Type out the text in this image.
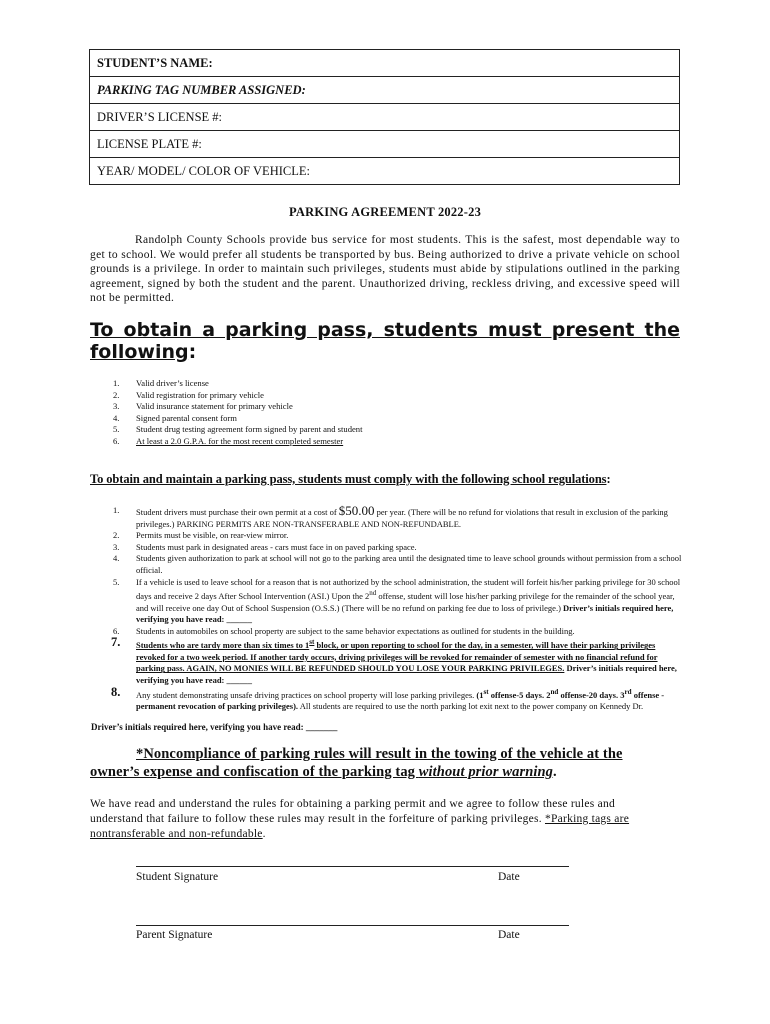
STUDENT’S NAME:
PARKING TAG NUMBER ASSIGNED:
DRIVER’S LICENSE #:
LICENSE PLATE #:
YEAR/ MODEL/ COLOR OF VEHICLE:
PARKING AGREEMENT 2022-23

Randolph County Schools provide bus service for most students. This is the safest, most dependable way to get to school. We would prefer all students be transported by bus. Being authorized to drive a private vehicle on school grounds is a privilege. In order to maintain such privileges, students must abide by stipulations outlined in the parking agreement, signed by both the student and the parent. Unauthorized driving, reckless driving, and excessive speed will not be permitted.

To obtain a parking pass, students must present the following:

1.	Valid driver’s license
2.	Valid registration for primary vehicle
3.	Valid insurance statement for primary vehicle
4.	Signed parental consent form
5.	Student drug testing agreement form signed by parent and student
6.	At least a 2.0 G.P.A. for the most recent completed semester

To obtain and maintain a parking pass, students must comply with the following school regulations:

1.	Student drivers must purchase their own permit at a cost of $50.00 per year. (There will be no refund for violations that result in exclusion of the parking privileges.) PARKING PERMITS ARE NON-TRANSFERABLE AND NON-REFUNDABLE.
2.	Permits must be visible, on rear-view mirror.
3.	Students must park in designated areas - cars must face in on paved parking space.
4.	Students given authorization to park at school will not go to the parking area until the designated time to leave school grounds without permission from a school official.
5.	If a vehicle is used to leave school for a reason that is not authorized by the school administration, the student will forfeit his/her parking privilege for 30 school days and receive 2 days After School Intervention (ASI.) Upon the 2nd offense, student will lose his/her parking privilege for the remainder of the school year, and will receive one day Out of School Suspension (O.S.S.) (There will be no refund on parking fee due to loss of privilege.) Driver’s initials required here, verifying you have read: ______
6.	Students in automobiles on school property are subject to the same behavior expectations as outlined for students in the building.
7.	Students who are tardy more than six times to 1st block, or upon reporting to school for the day, in a semester, will have their parking privileges revoked for a two week period. If another tardy occurs, driving privileges will be revoked for remainder of semester with no financial refund for parking pass. AGAIN, NO MONIES WILL BE REFUNDED SHOULD YOU LOSE YOUR PARKING PRIVILEGES. Driver’s initials required here, verifying you have read: ______
8.	Any student demonstrating unsafe driving practices on school property will lose parking privileges. (1st offense-5 days. 2nd offense-20 days. 3rd offense - permanent revocation of parking privileges). All students are required to use the north parking lot exit next to the power company on Kennedy Dr.

Driver’s initials required here, verifying you have read: _______

*Noncompliance of parking rules will result in the towing of the vehicle at the
owner’s expense and confiscation of the parking tag without prior warning.

We have read and understand the rules for obtaining a parking permit and we agree to follow these rules and understand that failure to follow these rules may result in the forfeiture of parking privileges. *Parking tags are nontransferable and non-refundable.

Student Signature	Date
Parent Signature	Date
